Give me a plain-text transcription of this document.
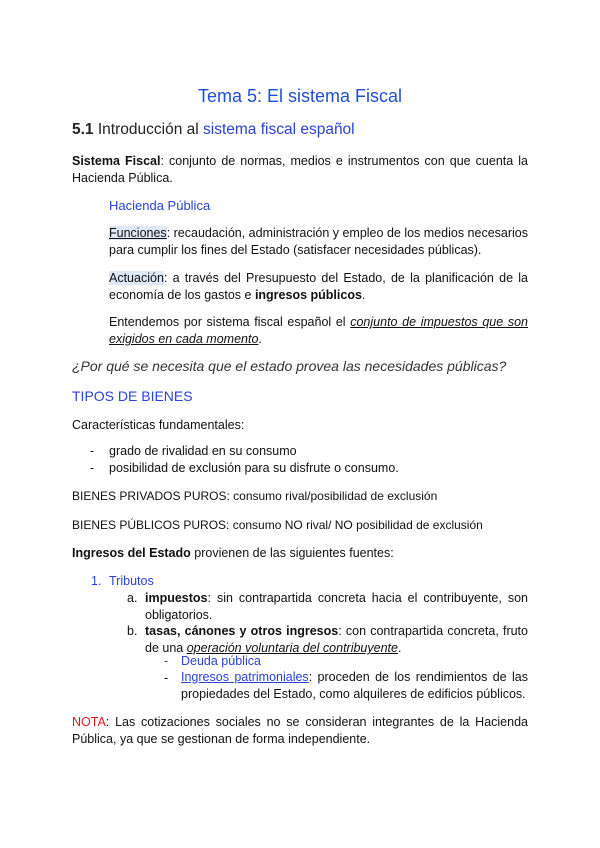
Tema 5: El sistema Fiscal
5.1 Introducción al sistema fiscal español
Sistema Fiscal: conjunto de normas, medios e instrumentos con que cuenta la Hacienda Pública.
Hacienda Pública
Funciones: recaudación, administración y empleo de los medios necesarios para cumplir los fines del Estado (satisfacer necesidades públicas).
Actuación: a través del Presupuesto del Estado, de la planificación de la economía de los gastos e ingresos públicos.
Entendemos por sistema fiscal español el conjunto de impuestos que son exigidos en cada momento.
¿Por qué se necesita que el estado provea las necesidades públicas?
TIPOS DE BIENES
Características fundamentales:
- grado de rivalidad en su consumo
- posibilidad de exclusión para su disfrute o consumo.
BIENES PRIVADOS PUROS: consumo rival/posibilidad de exclusión
BIENES PÚBLICOS PUROS: consumo NO rival/ NO posibilidad de exclusión
Ingresos del Estado provienen de las siguientes fuentes:
1. Tributos
a. impuestos: sin contrapartida concreta hacia el contribuyente, son obligatorios.
b. tasas, cánones y otros ingresos: con contrapartida concreta, fruto de una operación voluntaria del contribuyente.
- Deuda pública
- Ingresos patrimoniales: proceden de los rendimientos de las propiedades del Estado, como alquileres de edificios públicos.
NOTA: Las cotizaciones sociales no se consideran integrantes de la Hacienda Pública, ya que se gestionan de forma independiente.
